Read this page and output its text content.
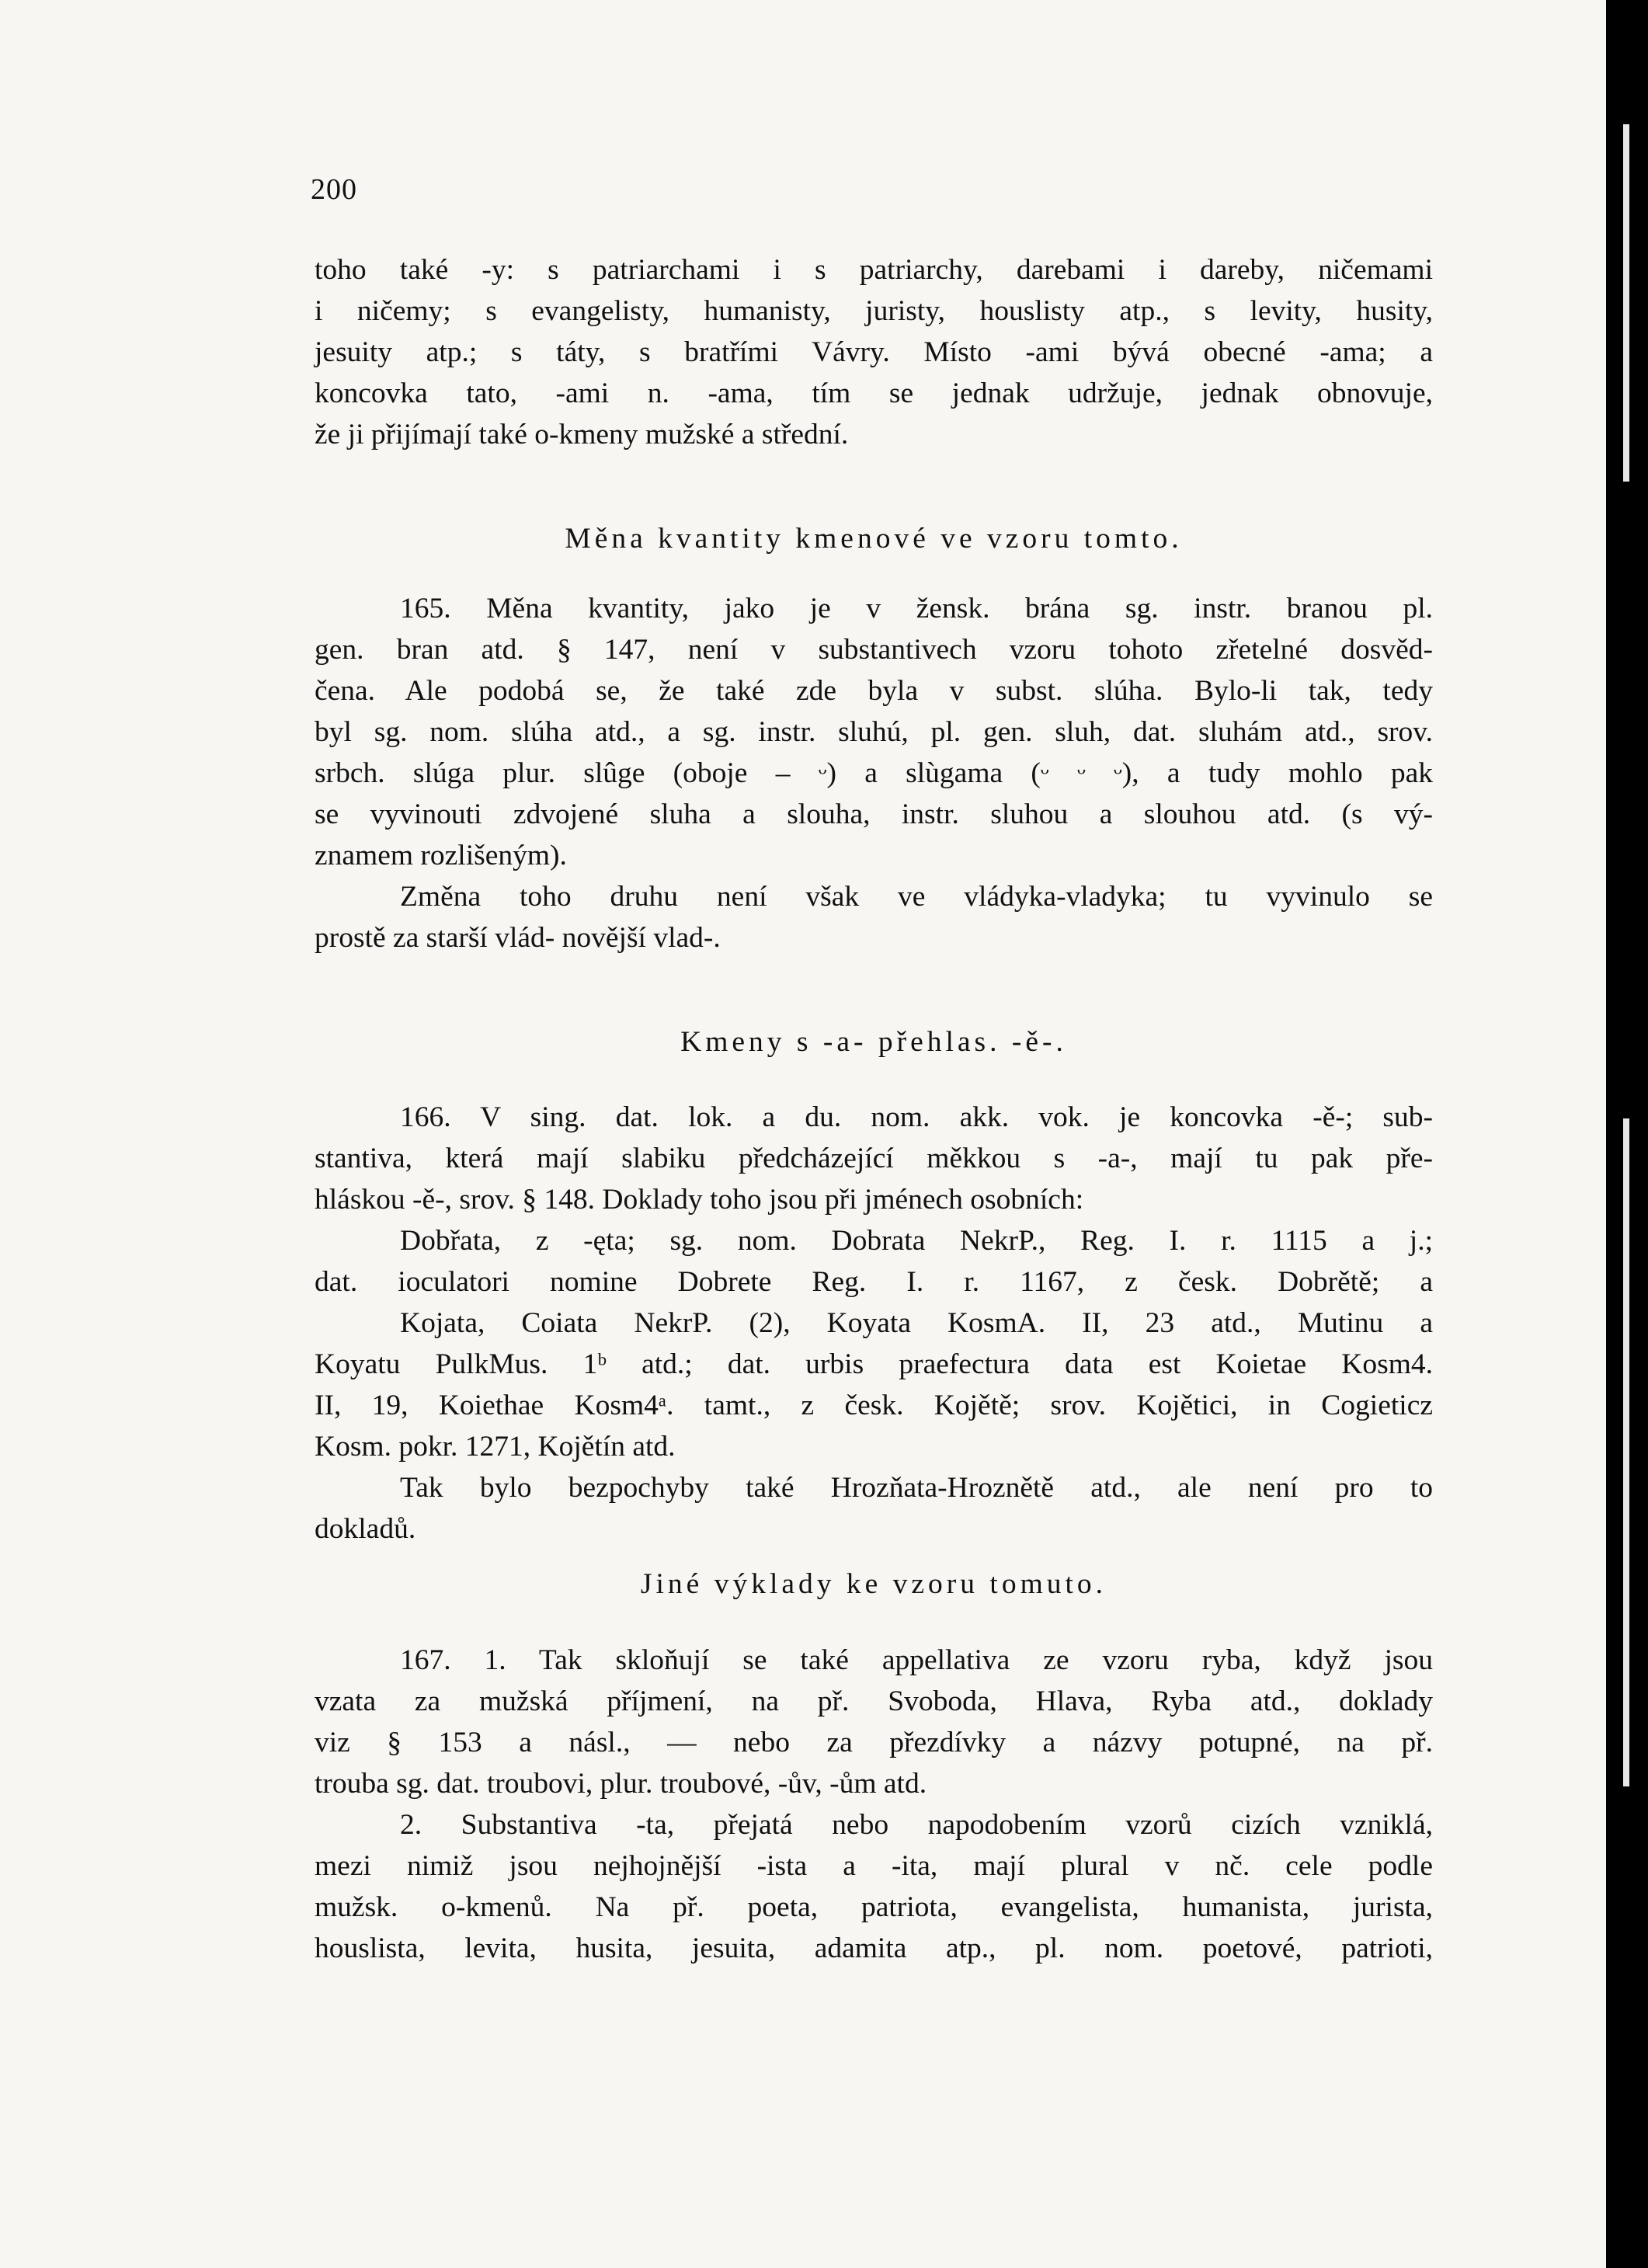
200
toho také -y: s patriarchami i s patriarchy, darebami i dareby, ničemami
i ničemy; s evangelisty, humanisty, juristy, houslisty atp., s levity, husity,
jesuity atp.; s táty, s bratřími Vávry. Místo -ami bývá obecné -ama; a
koncovka tato, -ami n. -ama, tím se jednak udržuje, jednak obnovuje,
že ji přijímají také o-kmeny mužské a střední.
Měna kvantity kmenové ve vzoru tomto.
165. Měna kvantity, jako je v žensk. brána sg. instr. branou pl.
gen. bran atd. § 147, není v substantivech vzoru tohoto zřetelné dosvěd-
čena. Ale podobá se, že také zde byla v subst. slúha. Bylo-li tak, tedy
byl sg. nom. slúha atd., a sg. instr. sluhú, pl. gen. sluh, dat. sluhám atd., srov.
srbch. slúga plur. slûge (oboje – ᵕ) a slùgama (ᵕ ᵕ ᵕ), a tudy mohlo pak
se vyvinouti zdvojené sluha a slouha, instr. sluhou a slouhou atd. (s vý-
znamem rozlišeným).
Změna toho druhu není však ve vládyka-vladyka; tu vyvinulo se
prostě za starší vlád- novější vlad-.
Kmeny s -a- přehlas. -ě-.
166. V sing. dat. lok. a du. nom. akk. vok. je koncovka -ě-; sub-
stantiva, která mají slabiku předcházející měkkou s -a-, mají tu pak pře-
hláskou -ě-, srov. § 148. Doklady toho jsou při jménech osobních:
Dobřata, z -ęta; sg. nom. Dobrata NekrP., Reg. I. r. 1115 a j.;
dat. ioculatori nomine Dobrete Reg. I. r. 1167, z česk. Dobrětě; a
Kojata, Coiata NekrP. (2), Koyata KosmA. II, 23 atd., Mutinu a
Koyatu PulkMus. 1ᵇ atd.; dat. urbis praefectura data est Koietae Kosm4.
II, 19, Koiethae Kosm4ᵃ. tamt., z česk. Kojětě; srov. Kojětici, in Cogieticz
Kosm. pokr. 1271, Kojětín atd.
Tak bylo bezpochyby také Hrozňata-Hroznětě atd., ale není pro to
dokladů.
Jiné výklady ke vzoru tomuto.
167. 1. Tak skloňují se také appellativa ze vzoru ryba, když jsou
vzata za mužská příjmení, na př. Svoboda, Hlava, Ryba atd., doklady
viz § 153 a násl., — nebo za přezdívky a názvy potupné, na př.
trouba sg. dat. troubovi, plur. troubové, -ův, -ům atd.
2. Substantiva -ta, přejatá nebo napodobením vzorů cizích vzniklá,
mezi nimiž jsou nejhojnější -ista a -ita, mají plural v nč. cele podle
mužsk. o-kmenů. Na př. poeta, patriota, evangelista, humanista, jurista,
houslista, levita, husita, jesuita, adamita atp., pl. nom. poetové, patrioti,
